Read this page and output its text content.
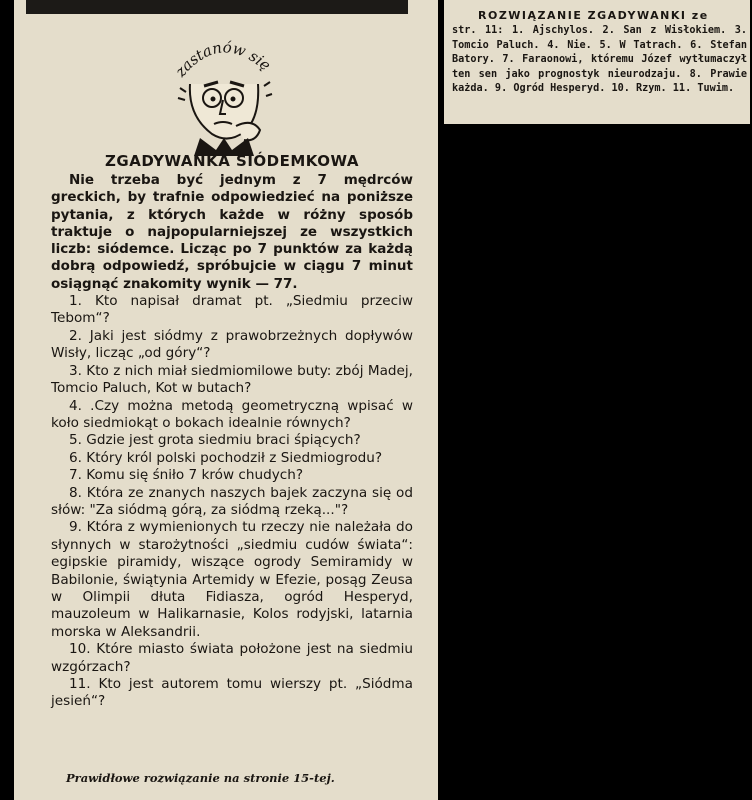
zastanów się
ZGADYWANKA SIÓDEMKOWA

Nie trzeba być jednym z 7 mędrców greckich, by trafnie odpowiedzieć na poniższe pytania, z których każde w różny sposób traktuje o najpopularniejszej ze wszystkich liczb: siódemce. Licząc po 7 punktów za każdą dobrą odpowiedź, spróbujcie w ciągu 7 minut osiągnąć znakomity wynik — 77.

1. Kto napisał dramat pt. „Siedmiu przeciw Tebom“?

2. Jaki jest siódmy z prawobrzeżnych dopływów Wisły, licząc „od góry“?

3. Kto z nich miał siedmiomilowe buty: zbój Madej, Tomcio Paluch, Kot w butach?

4. .Czy można metodą geometryczną wpisać w koło siedmiokąt o bokach idealnie równych?

5. Gdzie jest grota siedmiu braci śpiących?

6. Który król polski pochodził z Siedmiogrodu?

7. Komu się śniło 7 krów chudych?

8. Która ze znanych naszych bajek zaczyna się od słów: "Za siódmą górą, za siódmą rzeką..."?

9. Która z wymienionych tu rzeczy nie należała do słynnych w starożytności „siedmiu cudów świata“: egipskie piramidy, wiszące ogrody Semiramidy w Babilonie, świątynia Artemidy w Efezie, posąg Zeusa w Olimpii dłuta Fidiasza, ogród Hesperyd, mauzoleum w Halikarnasie, Kolos rodyjski, latarnia morska w Aleksandrii.

10. Które miasto świata położone jest na siedmiu wzgórzach?

11. Kto jest autorem tomu wierszy pt. „Siódma jesień“?

Prawidłowe rozwiązanie na stronie 15-tej.
ROZWIĄZANIE ZGADYWANKI ze
str. 11: 1. Ajschylos. 2. San z Wisłokiem. 3. Tomcio Paluch. 4. Nie. 5. W Tatrach. 6. Stefan Batory. 7. Faraonowi, któremu Józef wytłumaczył ten sen jako prognostyk nieurodzaju. 8. Prawie każda. 9. Ogród Hesperyd. 10. Rzym. 11. Tuwim.
